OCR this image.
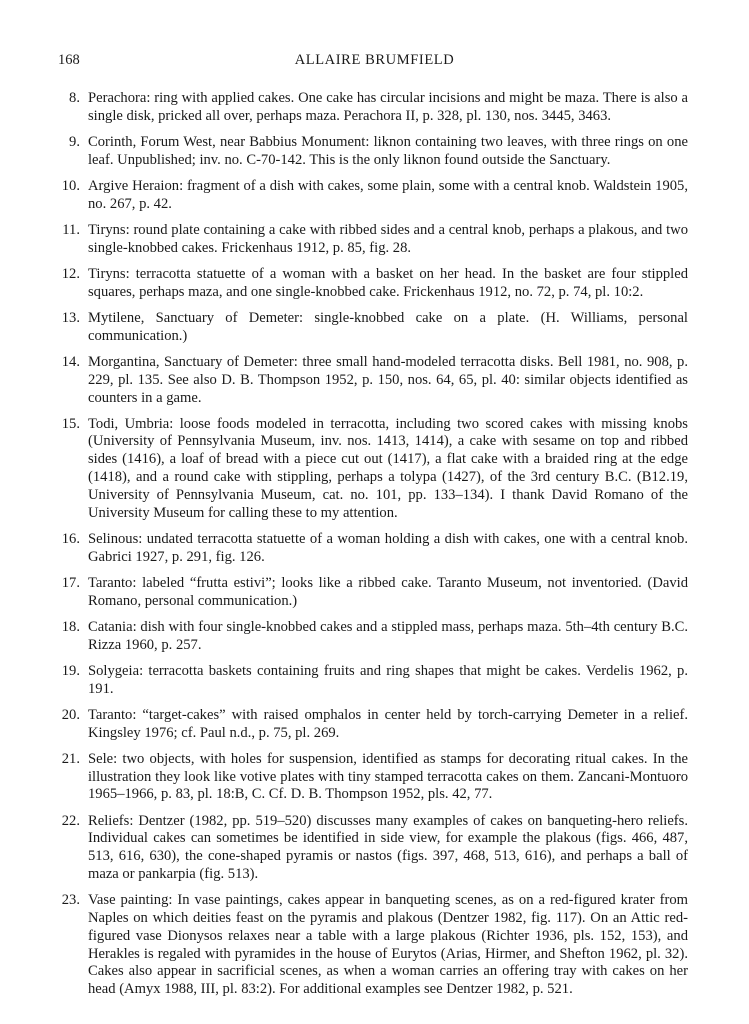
168	ALLAIRE BRUMFIELD
8. Perachora: ring with applied cakes. One cake has circular incisions and might be maza. There is also a single disk, pricked all over, perhaps maza. Perachora II, p. 328, pl. 130, nos. 3445, 3463.
9. Corinth, Forum West, near Babbius Monument: liknon containing two leaves, with three rings on one leaf. Unpublished; inv. no. C-70-142. This is the only liknon found outside the Sanctuary.
10. Argive Heraion: fragment of a dish with cakes, some plain, some with a central knob. Waldstein 1905, no. 267, p. 42.
11. Tiryns: round plate containing a cake with ribbed sides and a central knob, perhaps a plakous, and two single-knobbed cakes. Frickenhaus 1912, p. 85, fig. 28.
12. Tiryns: terracotta statuette of a woman with a basket on her head. In the basket are four stippled squares, perhaps maza, and one single-knobbed cake. Frickenhaus 1912, no. 72, p. 74, pl. 10:2.
13. Mytilene, Sanctuary of Demeter: single-knobbed cake on a plate. (H. Williams, personal communication.)
14. Morgantina, Sanctuary of Demeter: three small hand-modeled terracotta disks. Bell 1981, no. 908, p. 229, pl. 135. See also D. B. Thompson 1952, p. 150, nos. 64, 65, pl. 40: similar objects identified as counters in a game.
15. Todi, Umbria: loose foods modeled in terracotta, including two scored cakes with missing knobs (University of Pennsylvania Museum, inv. nos. 1413, 1414), a cake with sesame on top and ribbed sides (1416), a loaf of bread with a piece cut out (1417), a flat cake with a braided ring at the edge (1418), and a round cake with stippling, perhaps a tolypa (1427), of the 3rd century B.C. (B12.19, University of Pennsylvania Museum, cat. no. 101, pp. 133–134). I thank David Romano of the University Museum for calling these to my attention.
16. Selinous: undated terracotta statuette of a woman holding a dish with cakes, one with a central knob. Gabrici 1927, p. 291, fig. 126.
17. Taranto: labeled “frutta estivi”; looks like a ribbed cake. Taranto Museum, not inventoried. (David Romano, personal communication.)
18. Catania: dish with four single-knobbed cakes and a stippled mass, perhaps maza. 5th–4th century B.C. Rizza 1960, p. 257.
19. Solygeia: terracotta baskets containing fruits and ring shapes that might be cakes. Verdelis 1962, p. 191.
20. Taranto: “target-cakes” with raised omphalos in center held by torch-carrying Demeter in a relief. Kingsley 1976; cf. Paul n.d., p. 75, pl. 269.
21. Sele: two objects, with holes for suspension, identified as stamps for decorating ritual cakes. In the illustration they look like votive plates with tiny stamped terracotta cakes on them. Zancani-Montuoro 1965–1966, p. 83, pl. 18:B, C. Cf. D. B. Thompson 1952, pls. 42, 77.
22. Reliefs: Dentzer (1982, pp. 519–520) discusses many examples of cakes on banqueting-hero reliefs. Individual cakes can sometimes be identified in side view, for example the plakous (figs. 466, 487, 513, 616, 630), the cone-shaped pyramis or nastos (figs. 397, 468, 513, 616), and perhaps a ball of maza or pankarpia (fig. 513).
23. Vase painting: In vase paintings, cakes appear in banqueting scenes, as on a red-figured krater from Naples on which deities feast on the pyramis and plakous (Dentzer 1982, fig. 117). On an Attic red-figured vase Dionysos relaxes near a table with a large plakous (Richter 1936, pls. 152, 153), and Herakles is regaled with pyramides in the house of Eurytos (Arias, Hirmer, and Shefton 1962, pl. 32). Cakes also appear in sacrificial scenes, as when a woman carries an offering tray with cakes on her head (Amyx 1988, III, pl. 83:2). For additional examples see Dentzer 1982, p. 521.
